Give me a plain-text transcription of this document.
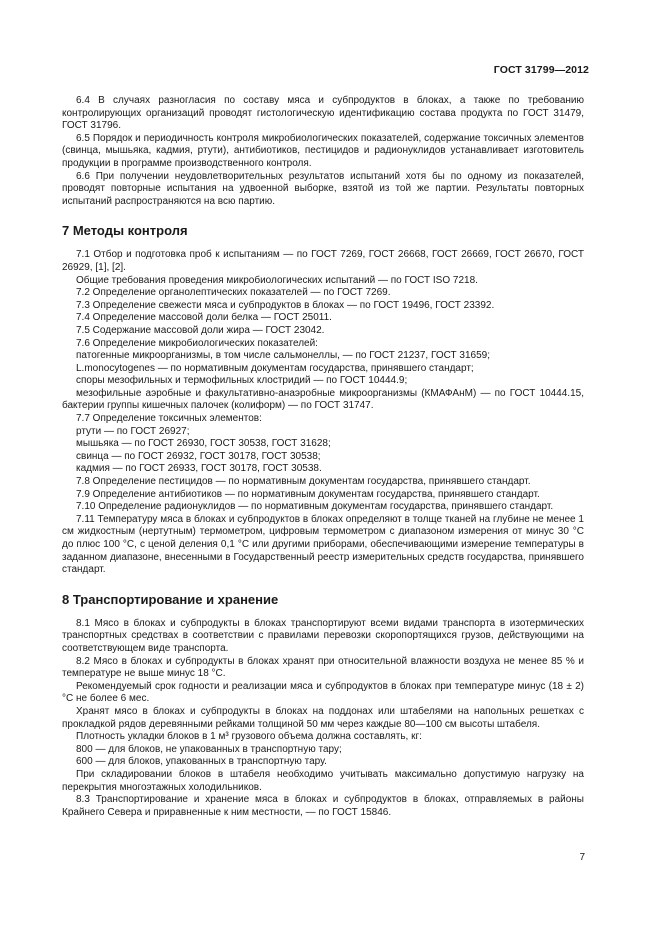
ГОСТ 31799—2012

6.4 В случаях разногласия по составу мяса и субпродуктов в блоках, а также по требованию контролирующих организаций проводят гистологическую идентификацию состава продукта по ГОСТ 31479, ГОСТ 31796.

6.5 Порядок и периодичность контроля микробиологических показателей, содержание токсичных элементов (свинца, мышьяка, кадмия, ртути), антибиотиков, пестицидов и радионуклидов устанавливает изготовитель продукции в программе производственного контроля.

6.6 При получении неудовлетворительных результатов испытаний хотя бы по одному из показателей, проводят повторные испытания на удвоенной выборке, взятой из той же партии. Результаты повторных испытаний распространяются на всю партию.

7 Методы контроля

7.1 Отбор и подготовка проб к испытаниям — по ГОСТ 7269, ГОСТ 26668, ГОСТ 26669, ГОСТ 26670, ГОСТ 26929, [1], [2].

Общие требования проведения микробиологических испытаний — по ГОСТ ISO 7218.

7.2 Определение органолептических показателей — по ГОСТ 7269.

7.3 Определение свежести мяса и субпродуктов в блоках — по ГОСТ 19496, ГОСТ 23392.

7.4 Определение массовой доли белка — ГОСТ 25011.

7.5 Содержание массовой доли жира — ГОСТ 23042.

7.6 Определение микробиологических показателей:

патогенные микроорганизмы, в том числе сальмонеллы, — по ГОСТ 21237, ГОСТ 31659;

L.monocytogenes — по нормативным документам государства, принявшего стандарт;

споры мезофильных и термофильных клостридий — по ГОСТ 10444.9;

мезофильные аэробные и факультативно-анаэробные микроорганизмы (КМАФАнМ) — по ГОСТ 10444.15, бактерии группы кишечных палочек (колиформ) — по ГОСТ 31747.

7.7 Определение токсичных элементов:

ртути — по ГОСТ 26927;

мышьяка — по ГОСТ 26930, ГОСТ 30538, ГОСТ 31628;

свинца — по ГОСТ 26932, ГОСТ 30178, ГОСТ 30538;

кадмия — по ГОСТ 26933, ГОСТ 30178, ГОСТ 30538.

7.8 Определение пестицидов — по нормативным документам государства, принявшего стандарт.

7.9 Определение антибиотиков — по нормативным документам государства, принявшего стандарт.

7.10 Определение радионуклидов — по нормативным документам государства, принявшего стандарт.

7.11 Температуру мяса в блоках и субпродуктов в блоках определяют в толще тканей на глубине не менее 1 см жидкостным (нертутным) термометром, цифровым термометром с диапазоном измерения от минус 30 °С до плюс 100 °С, с ценой деления 0,1 °С или другими приборами, обеспечивающими измерение температуры в заданном диапазоне, внесенными в Государственный реестр измерительных средств государства, принявшего стандарт.

8 Транспортирование и хранение

8.1 Мясо в блоках и субпродукты в блоках транспортируют всеми видами транспорта в изотермических транспортных средствах в соответствии с правилами перевозки скоропортящихся грузов, действующими на соответствующем виде транспорта.

8.2 Мясо в блоках и субпродукты в блоках хранят при относительной влажности воздуха не менее 85 % и температуре не выше минус 18 °С.

Рекомендуемый срок годности и реализации мяса и субпродуктов в блоках при температуре минус (18 ± 2) °С не более 6 мес.

Хранят мясо в блоках и субпродукты в блоках на поддонах или штабелями на напольных решетках с прокладкой рядов деревянными рейками толщиной 50 мм через каждые 80—100 см высоты штабеля.

Плотность укладки блоков в 1 м³ грузового объема должна составлять, кг:

800 — для блоков, не упакованных в транспортную тару;

600 — для блоков, упакованных в транспортную тару.

При складировании блоков в штабеля необходимо учитывать максимально допустимую нагрузку на перекрытия многоэтажных холодильников.

8.3 Транспортирование и хранение мяса в блоках и субпродуктов в блоках, отправляемых в районы Крайнего Севера и приравненные к ним местности, — по ГОСТ 15846.

7
